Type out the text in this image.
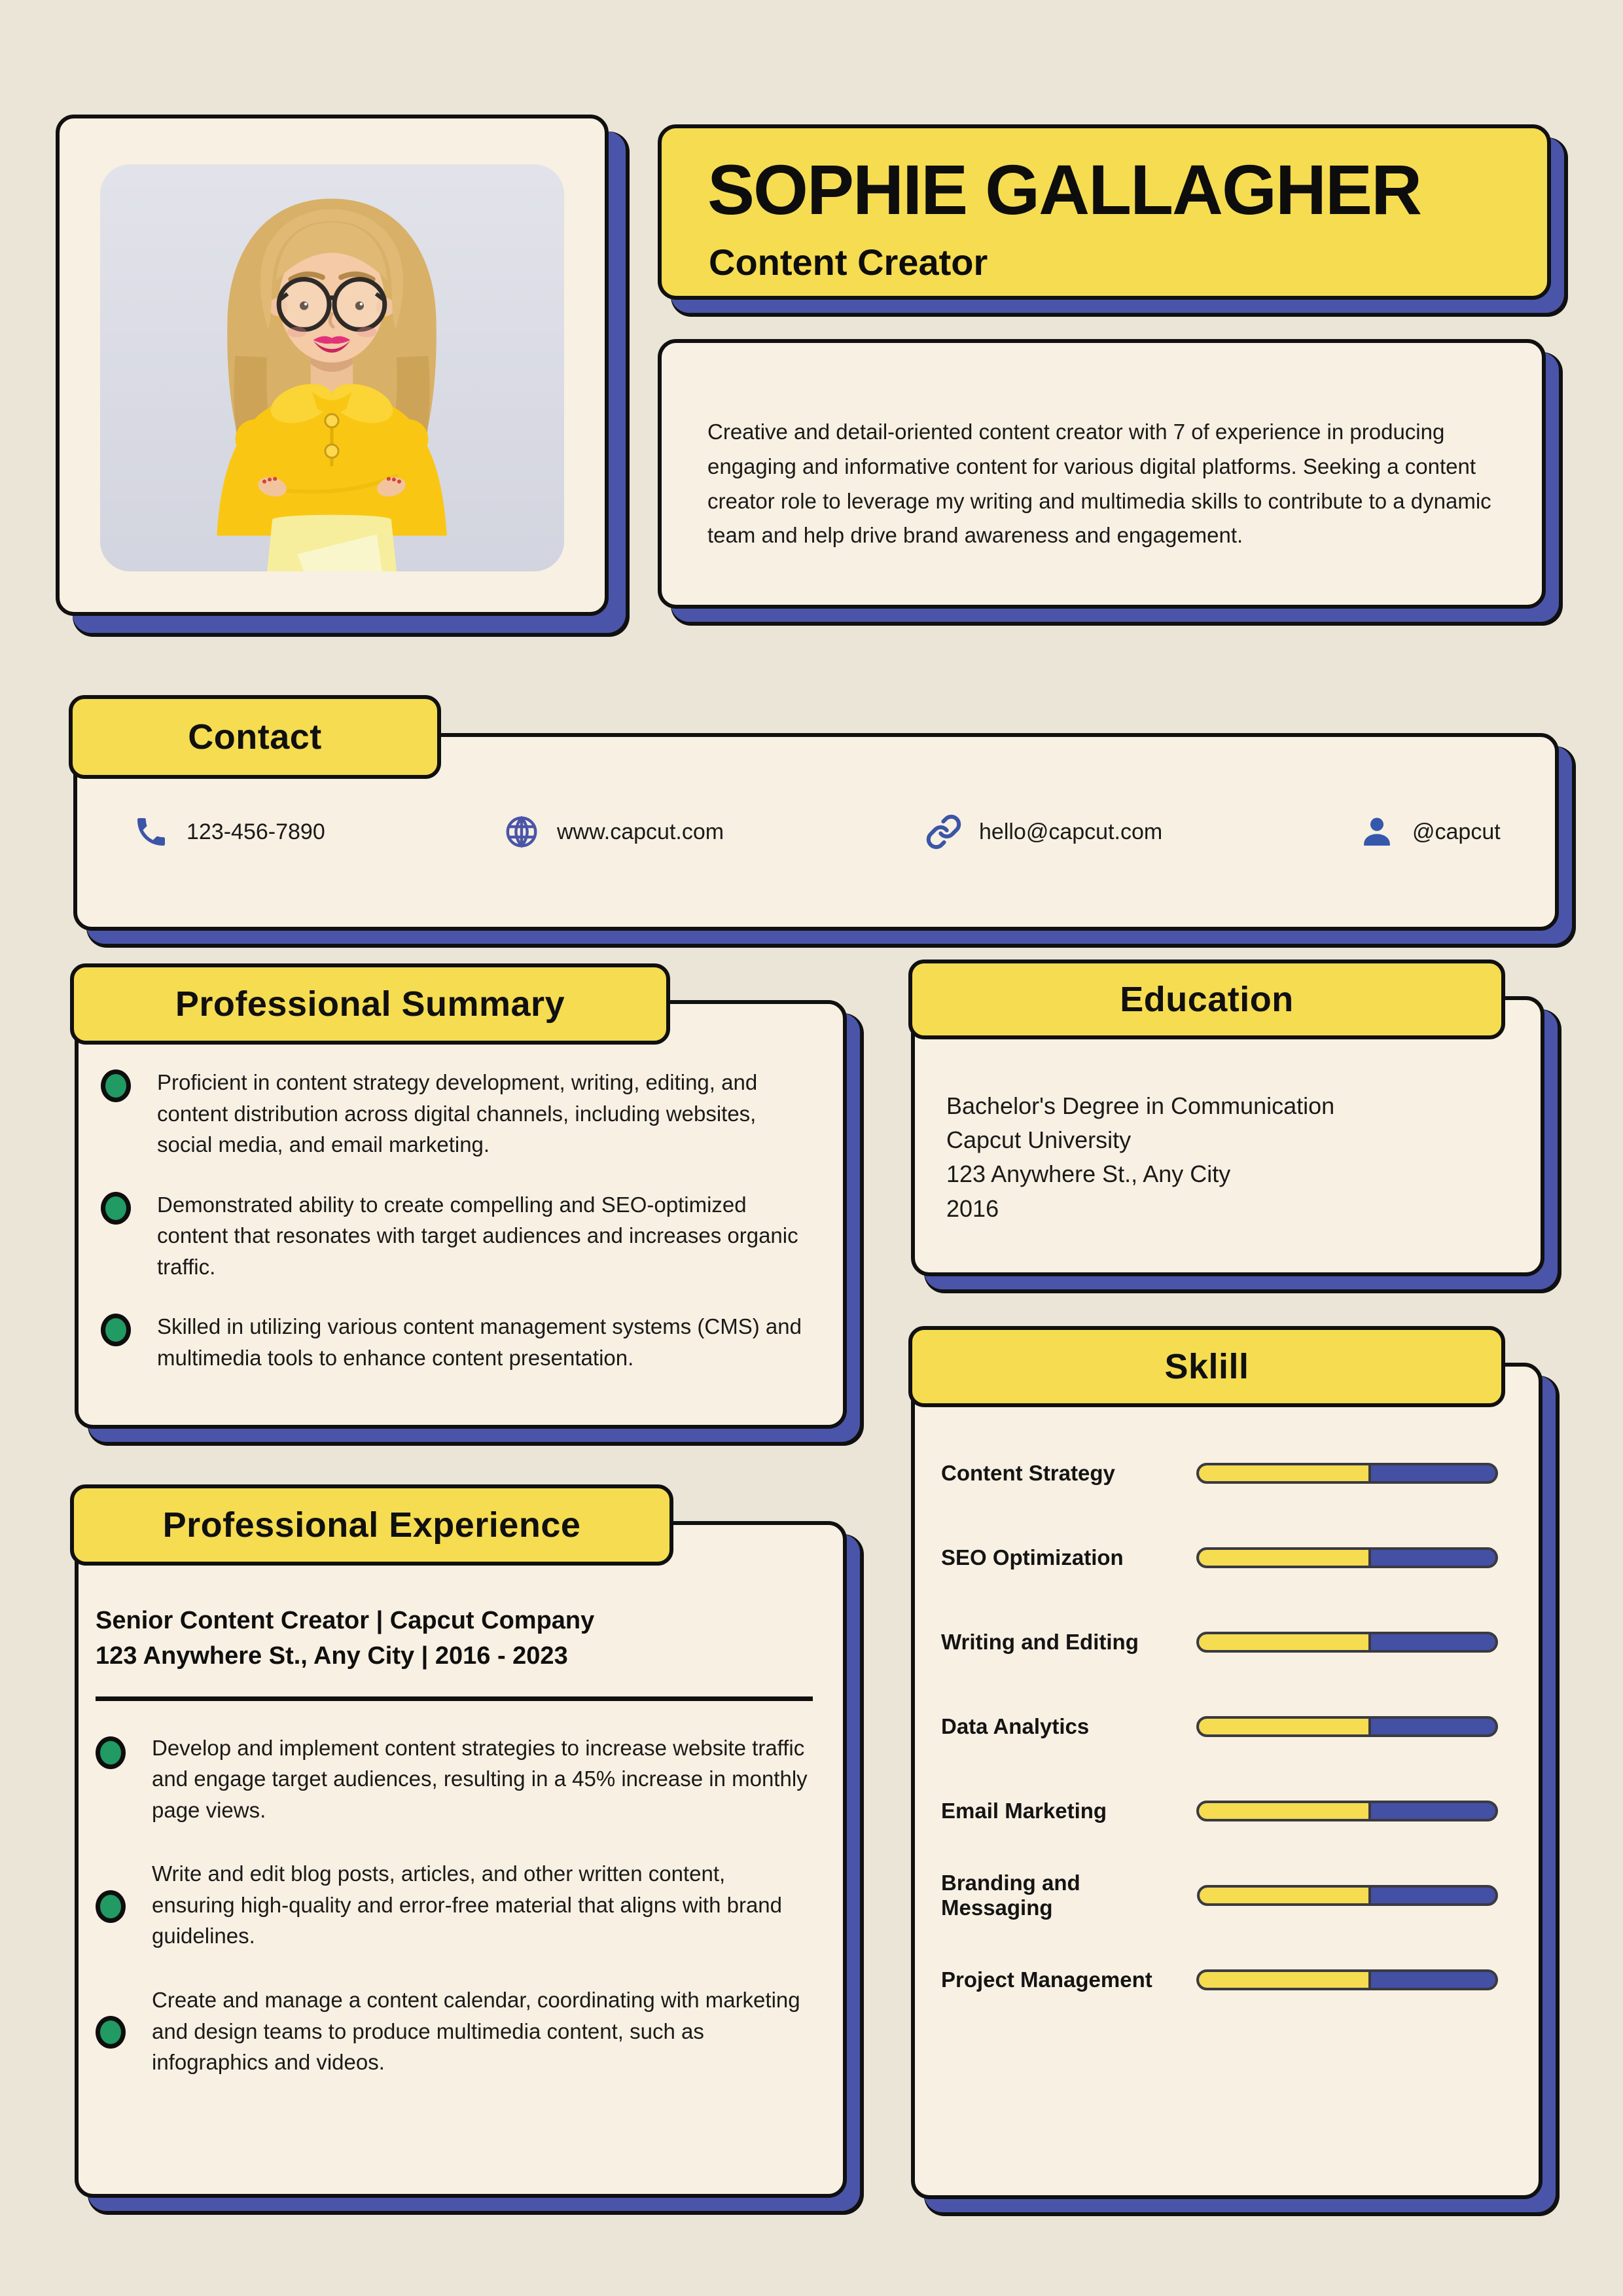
SOPHIE GALLAGHER
Content Creator

Creative and detail-oriented content creator with 7 of experience in producing engaging and informative content for various digital platforms. Seeking a content creator role to leverage my writing and multimedia skills to contribute to a dynamic team and help drive brand awareness and engagement.

Contact
123-456-7890	www.capcut.com	hello@capcut.com	@capcut
Professional Summary

Proficient in content strategy development, writing, editing, and content distribution across digital channels, including websites, social media, and email marketing.

Demonstrated ability to create compelling and SEO-optimized content that resonates with target audiences and increases organic traffic.

Skilled in utilizing various content management systems (CMS) and multimedia tools to enhance content presentation.

Education
Bachelor's Degree in Communication
Capcut University
123 Anywhere St., Any City
2016
Sklill
Content Strategy
SEO Optimization
Writing and Editing
Data Analytics
Email Marketing
Branding and Messaging
Project Management
Professional Experience

Senior Content Creator | Capcut Company

123 Anywhere St., Any City | 2016 - 2023

Develop and implement content strategies to increase website traffic and engage target audiences, resulting in a 45% increase in monthly page views.

Write and edit blog posts, articles, and other written content, ensuring high-quality and error-free material that aligns with brand guidelines.

Create and manage a content calendar, coordinating with marketing and design teams to produce multimedia content, such as infographics and videos.
